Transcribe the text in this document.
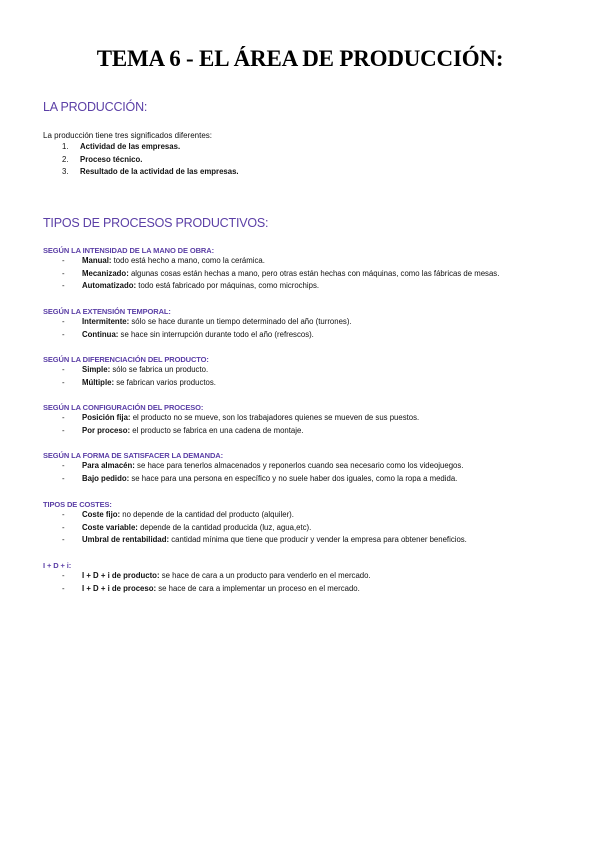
TEMA 6 - EL ÁREA DE PRODUCCIÓN:
LA PRODUCCIÓN:
La producción tiene tres significados diferentes:
1.	Actividad de las empresas.
2.	Proceso técnico.
3.	Resultado de la actividad de las empresas.
TIPOS DE PROCESOS PRODUCTIVOS:
SEGÚN LA INTENSIDAD DE LA MANO DE OBRA:
-	Manual: todo está hecho a mano, como la cerámica.
-	Mecanizado: algunas cosas están hechas a mano, pero otras están hechas con máquinas, como las fábricas de mesas.
-	Automatizado: todo está fabricado por máquinas, como microchips.
SEGÚN LA EXTENSIÓN TEMPORAL:
-	Intermitente: sólo se hace durante un tiempo determinado del año (turrones).
-	Continua: se hace sin interrupción durante todo el año (refrescos).
SEGÚN LA DIFERENCIACIÓN DEL PRODUCTO:
-	Simple: sólo se fabrica un producto.
-	Múltiple: se fabrican varios productos.
SEGÚN LA CONFIGURACIÓN DEL PROCESO:
-	Posición fija: el producto no se mueve, son los trabajadores quienes se mueven de sus puestos.
-	Por proceso: el producto se fabrica en una cadena de montaje.
SEGÚN LA FORMA DE SATISFACER LA DEMANDA:
-	Para almacén: se hace para tenerlos almacenados y reponerlos cuando sea necesario como los videojuegos.
-	Bajo pedido: se hace para una persona en específico y no suele haber dos iguales, como la ropa a medida.
TIPOS DE COSTES:
-	Coste fijo: no depende de la cantidad del producto (alquiler).
-	Coste variable: depende de la cantidad producida (luz, agua,etc).
-	Umbral de rentabilidad: cantidad mínima que tiene que producir y vender la empresa para obtener beneficios.
I + D + i:
-	I + D + i de producto: se hace de cara a un producto para venderlo en el mercado.
-	I + D + i de proceso: se hace de cara a implementar un proceso en el mercado.
